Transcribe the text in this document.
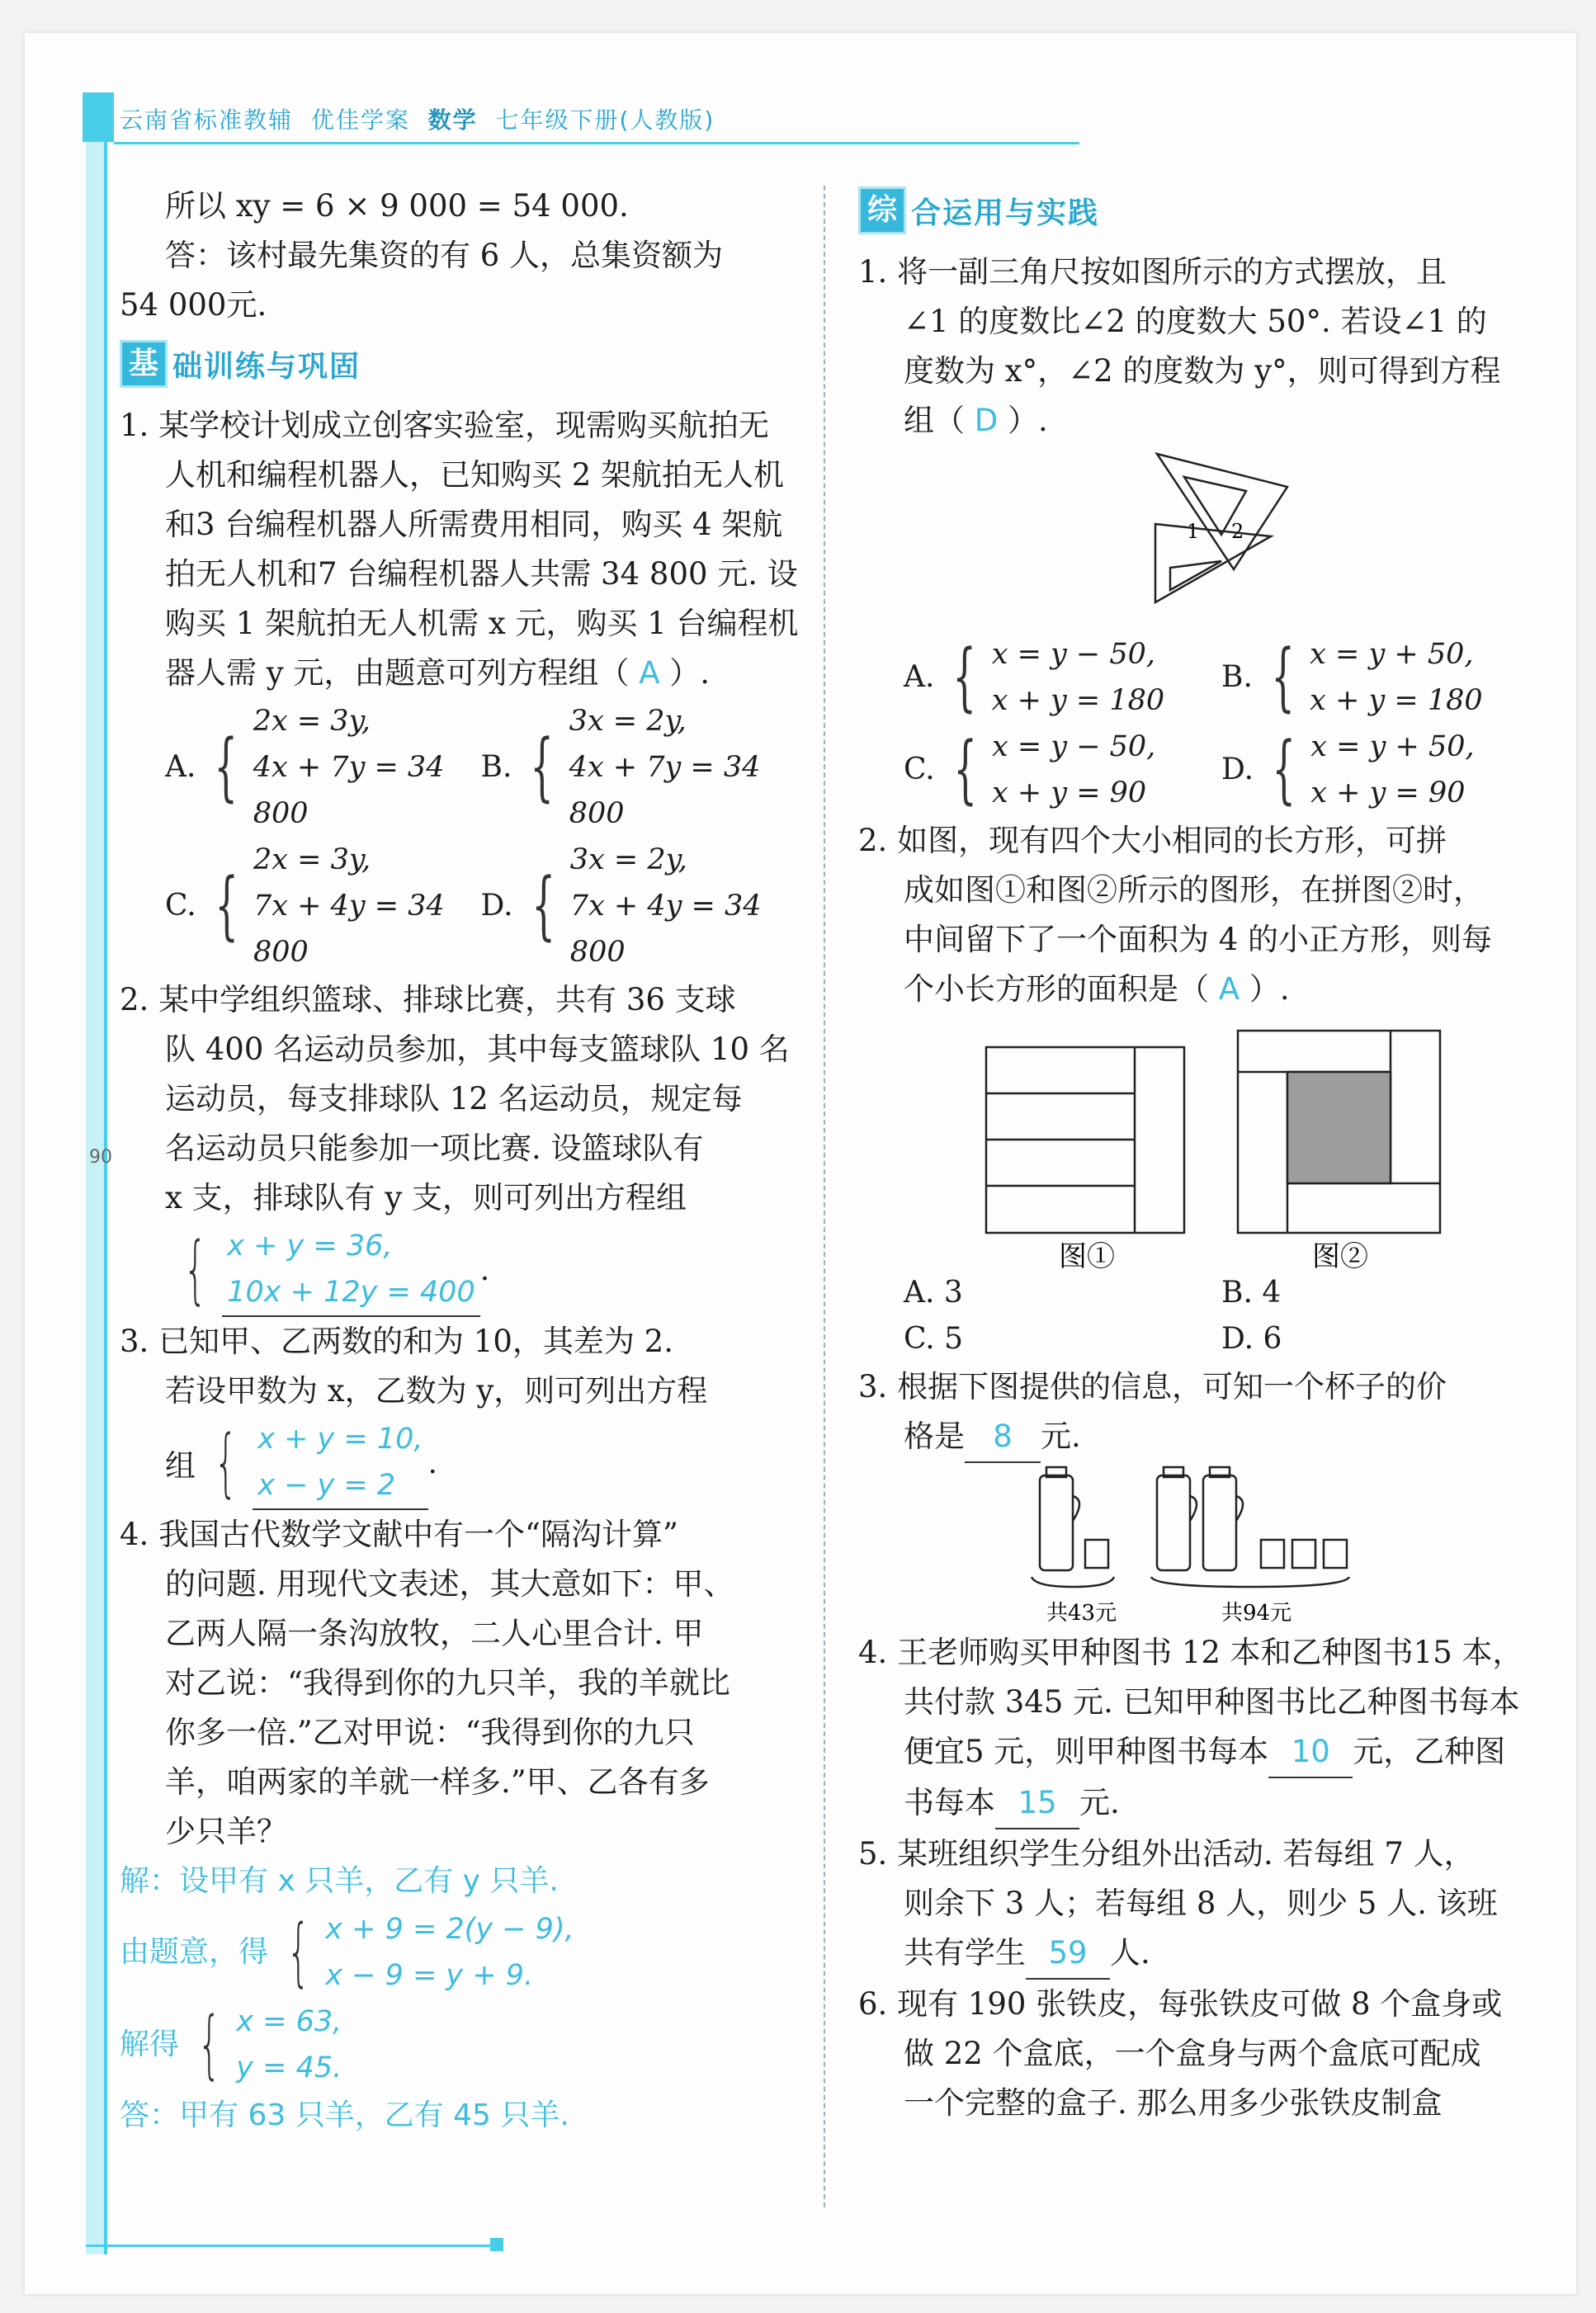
云南省标准教辅 优佳学案 数学 七年级下册(人教版)
90
所以 xy = 6 × 9 000 = 54 000.
答：该村最先集资的有 6 人，总集资额为
54 000元.
基 础训练与巩固
1. 某学校计划成立创客实验室，现需购买航拍无
人机和编程机器人，已知购买 2 架航拍无人机
和3 台编程机器人所需费用相同，购买 4 架航
拍无人机和7 台编程机器人共需 34 800 元. 设
购买 1 架航拍无人机需 x 元，购买 1 台编程机
器人需 y 元，由题意可列方程组（ A ）.
A. {
2x = 3y,
4x + 7y = 34 800
B. {
3x = 2y,
4x + 7y = 34 800
C. {
2x = 3y,
7x + 4y = 34 800
D. {
3x = 2y,
7x + 4y = 34 800
2. 某中学组织篮球、排球比赛，共有 36 支球
队 400 名运动员参加，其中每支篮球队 10 名
运动员，每支排球队 12 名运动员，规定每
名运动员只能参加一项比赛. 设篮球队有
x 支，排球队有 y 支，则可列出方程组
{ x + y = 36,
10x + 12y = 400
.
3. 已知甲、乙两数的和为 10，其差为 2.
若设甲数为 x，乙数为 y，则可列出方程
组 { x + y = 10,
x − y = 2
.
4. 我国古代数学文献中有一个“隔沟计算”
的问题. 用现代文表述，其大意如下：甲、
乙两人隔一条沟放牧，二人心里合计. 甲
对乙说：“我得到你的九只羊，我的羊就比
你多一倍.”乙对甲说：“我得到你的九只
羊，咱两家的羊就一样多.”甲、乙各有多
少只羊？
解：设甲有 x 只羊，乙有 y 只羊.
由题意，得 { x + 9 = 2(y − 9),
x − 9 = y + 9.
解得 { x = 63,
y = 45.
答：甲有 63 只羊，乙有 45 只羊.
综 合运用与实践
1. 将一副三角尺按如图所示的方式摆放，且
∠1 的度数比∠2 的度数大 50°. 若设∠1 的
度数为 x°，∠2 的度数为 y°，则可得到方程
组（ D ）.
1 2
A. { x = y − 50,
x + y = 180
B. { x = y + 50,
x + y = 180
C. { x = y − 50,
x + y = 90
D. { x = y + 50,
x + y = 90
2. 如图，现有四个大小相同的长方形，可拼
成如图①和图②所示的图形，在拼图②时，
中间留下了一个面积为 4 的小正方形，则每
个小长方形的面积是（ A ）.
图①	图②
A.
3	B.
4
C.
5	D.
6
3. 根据下图提供的信息，可知一个杯子的价
格是 8 元.
共43元	共94元
4. 王老师购买甲种图书 12 本和乙种图书15 本，
共付款 345 元. 已知甲种图书比乙种图书每本
便宜5 元，则甲种图书每本 10 元，乙种图
书每本 15 元.
5. 某班组织学生分组外出活动. 若每组 7 人，
则余下 3 人；若每组 8 人，则少 5 人. 该班
共有学生 59 人.
6. 现有 190 张铁皮，每张铁皮可做 8 个盒身或
做 22 个盒底，一个盒身与两个盒底可配成
一个完整的盒子. 那么用多少张铁皮制盒
